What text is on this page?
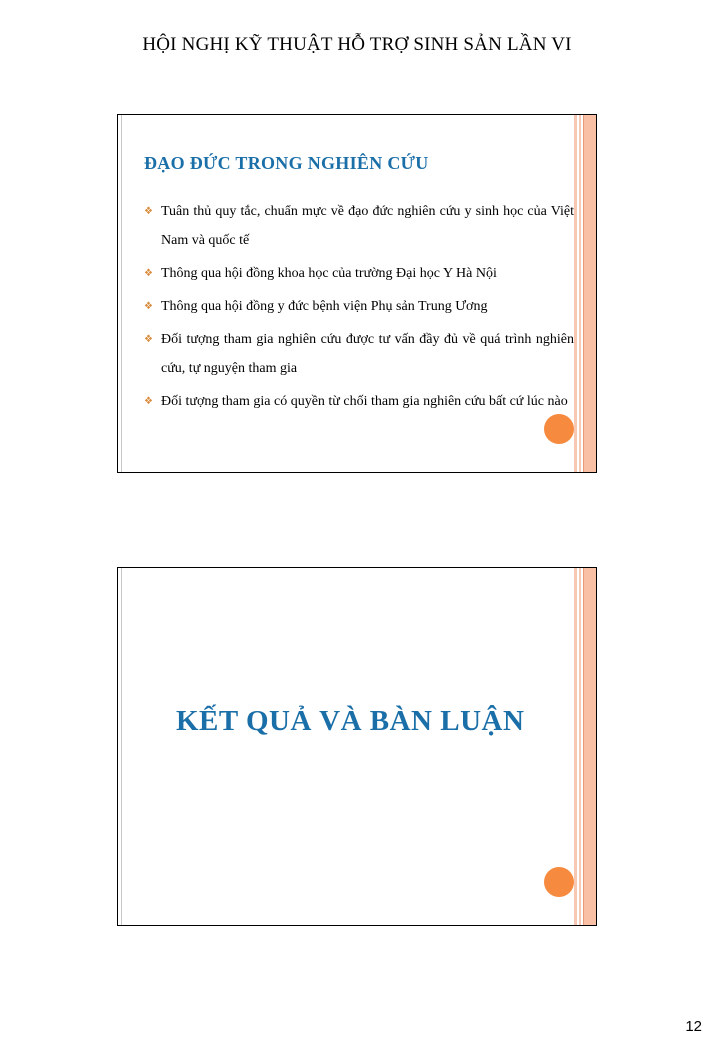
HỘI NGHỊ KỸ THUẬT HỖ TRỢ SINH SẢN LẦN VI
ĐẠO ĐỨC TRONG NGHIÊN CỨU
❖ Tuân thủ quy tắc, chuẩn mực về đạo đức nghiên cứu y sinh học của Việt Nam và quốc tế
❖ Thông qua hội đồng khoa học của trường Đại học Y Hà Nội
❖ Thông qua hội đồng y đức bệnh viện Phụ sản Trung Ương
❖ Đối tượng tham gia nghiên cứu được tư vấn đầy đủ về quá trình nghiên cứu, tự nguyện tham gia
❖ Đối tượng tham gia có quyền từ chối tham gia nghiên cứu bất cứ lúc nào
KẾT QUẢ VÀ BÀN LUẬN
12
